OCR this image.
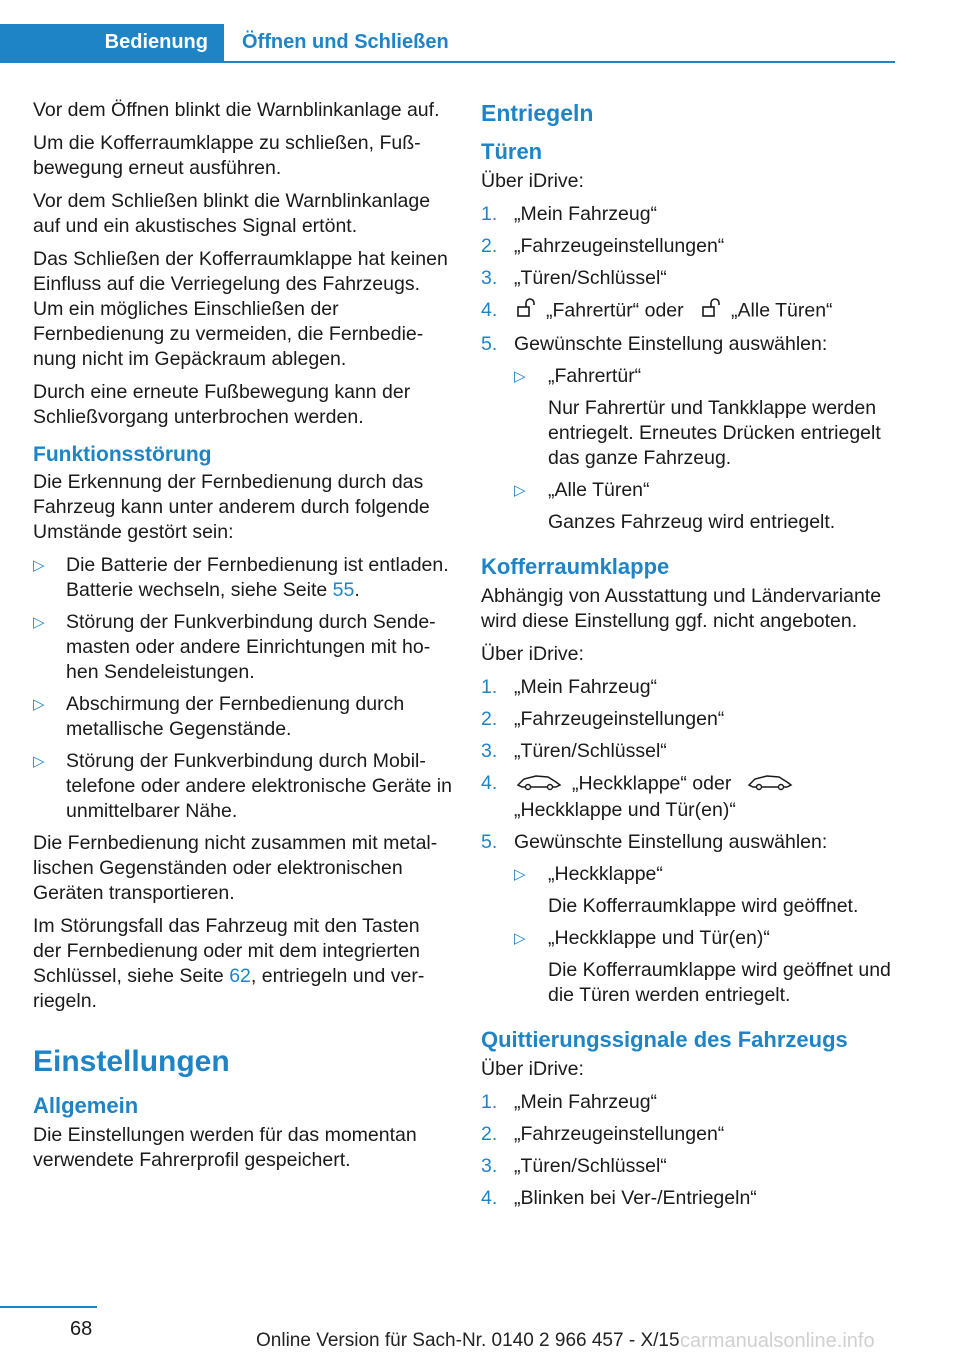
Bedienung	Öffnen und Schließen

Vor dem Öffnen blinkt die Warnblinkanlage auf.

Um die Kofferraumklappe zu schließen, Fußbewegung erneut ausführen.

Vor dem Schließen blinkt die Warnblinkanlage auf und ein akustisches Signal ertönt.

Das Schließen der Kofferraumklappe hat keinen Einfluss auf die Verriegelung des Fahrzeugs. Um ein mögliches Einschließen der Fernbedienung zu vermeiden, die Fernbedienung nicht im Gepäckraum ablegen.

Durch eine erneute Fußbewegung kann der Schließvorgang unterbrochen werden.

Funktionsstörung

Die Erkennung der Fernbedienung durch das Fahrzeug kann unter anderem durch folgende Umstände gestört sein:

▷ Die Batterie der Fernbedienung ist entladen. Batterie wechseln, siehe Seite 55.
▷ Störung der Funkverbindung durch Sendemasten oder andere Einrichtungen mit hohen Sendeleistungen.
▷ Abschirmung der Fernbedienung durch metallische Gegenstände.
▷ Störung der Funkverbindung durch Mobiltelefone oder andere elektronische Geräte in unmittelbarer Nähe.

Die Fernbedienung nicht zusammen mit metallischen Gegenständen oder elektronischen Geräten transportieren.

Im Störungsfall das Fahrzeug mit den Tasten der Fernbedienung oder mit dem integrierten Schlüssel, siehe Seite 62, entriegeln und verriegeln.

Einstellungen
Allgemein

Die Einstellungen werden für das momentan verwendete Fahrerprofil gespeichert.

Entriegeln
Türen

Über iDrive:

1. „Mein Fahrzeug“
2. „Fahrzeugeinstellungen“
3. „Türen/Schlüssel“
4. „Fahrertür“ oder „Alle Türen“
5. Gewünschte Einstellung auswählen:
▷ „Fahrertür“
Nur Fahrertür und Tankklappe werden entriegelt. Erneutes Drücken entriegelt das ganze Fahrzeug.
▷ „Alle Türen“
Ganzes Fahrzeug wird entriegelt.
Kofferraumklappe

Abhängig von Ausstattung und Ländervariante wird diese Einstellung ggf. nicht angeboten.

Über iDrive:

1. „Mein Fahrzeug“
2. „Fahrzeugeinstellungen“
3. „Türen/Schlüssel“
4.	„Heckklappe“ oder
„Heckklappe und Tür(en)“
5. Gewünschte Einstellung auswählen:
▷ „Heckklappe“
Die Kofferraumklappe wird geöffnet.
▷ „Heckklappe und Tür(en)“
Die Kofferraumklappe wird geöffnet und die Türen werden entriegelt.
Quittierungssignale des Fahrzeugs

Über iDrive:

1. „Mein Fahrzeug“
2. „Fahrzeugeinstellungen“
3. „Türen/Schlüssel“
4. „Blinken bei Ver-/Entriegeln“
68
Online Version für Sach-Nr. 0140 2 966 457 - X/15 carmanualsonline.info
